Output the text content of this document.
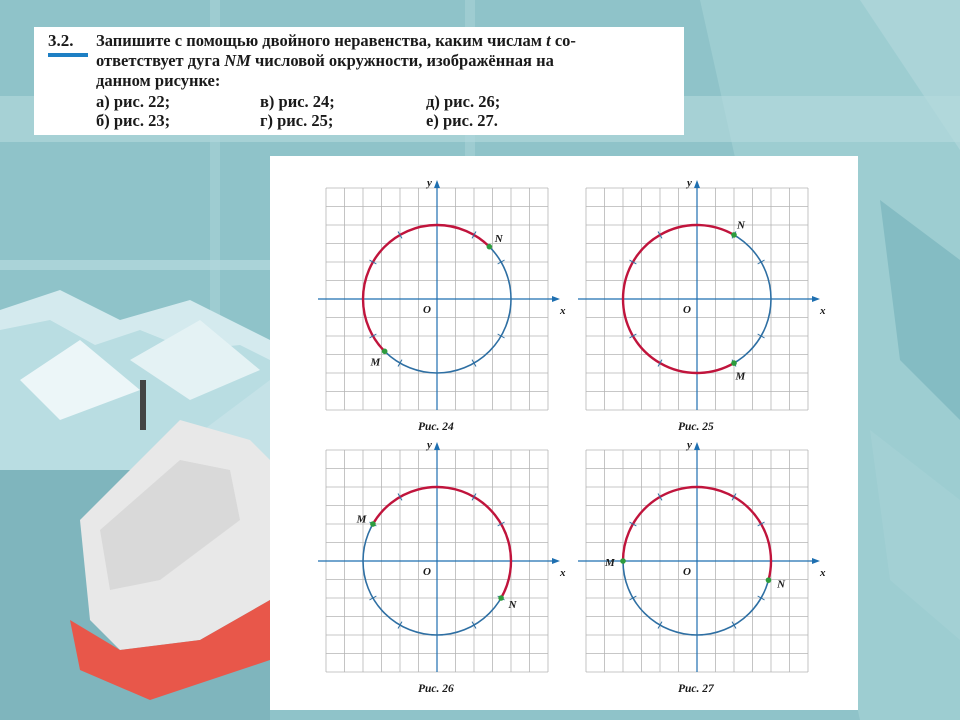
3.2. Запишите с помощью двойного неравенства, каким числам t со-
ответствует дуга NM числовой окружности, изображённая на
данном рисунке:
а) рис. 22;	в) рис. 24;	д) рис. 26;
б) рис. 23;	г) рис. 25;	е) рис. 27.
x
y
O
N
M
Рис. 24
x
y
O
N
M
Рис. 25
x
y
O
N
M
Рис. 26
x
y
O
N
M
Рис. 27
